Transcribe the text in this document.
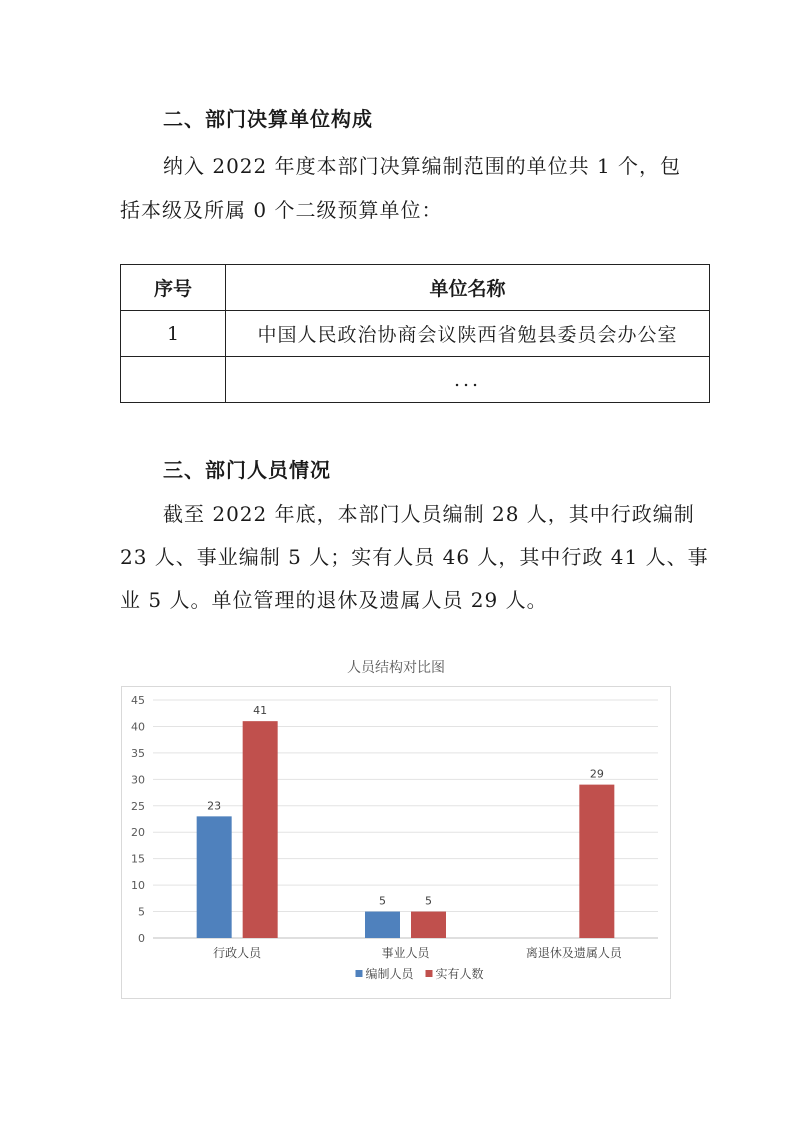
二、部门决算单位构成
纳入 2022 年度本部门决算编制范围的单位共 1 个，包
括本级及所属 0 个二级预算单位：
序号	单位名称
1	中国人民政治协商会议陕西省勉县委员会办公室
	...
三、部门人员情况
截至 2022 年底，本部门人员编制 28 人，其中行政编制
23 人、事业编制 5 人；实有人员 46 人，其中行政 41 人、事
业 5 人。单位管理的退休及遗属人员 29 人。
人员结构对比图
0
5
10
15
20
25
30
35
40
45
23
41
行政人员
5	5
事业人员
29
离退休及遗属人员
编制人员 实有人数
